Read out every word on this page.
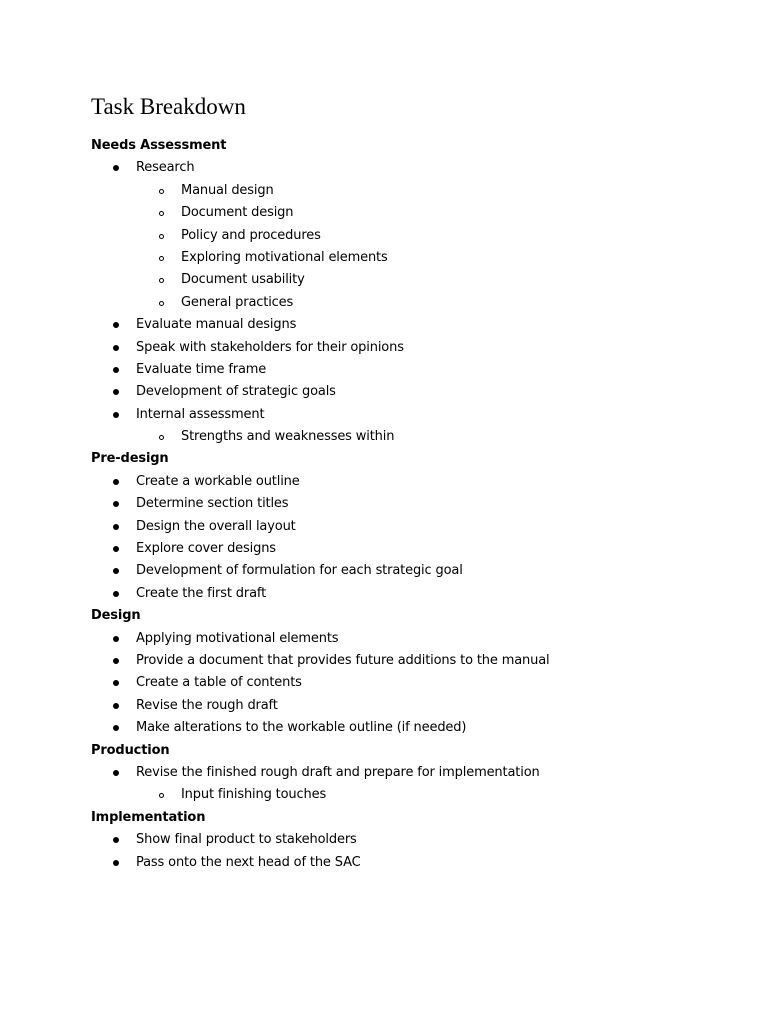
Task Breakdown
Needs Assessment
Research
Manual design
Document design
Policy and procedures
Exploring motivational elements
Document usability
General practices
Evaluate manual designs
Speak with stakeholders for their opinions
Evaluate time frame
Development of strategic goals
Internal assessment
Strengths and weaknesses within
Pre-design
Create a workable outline
Determine section titles
Design the overall layout
Explore cover designs
Development of formulation for each strategic goal
Create the first draft
Design
Applying motivational elements
Provide a document that provides future additions to the manual
Create a table of contents
Revise the rough draft
Make alterations to the workable outline (if needed)
Production
Revise the finished rough draft and prepare for implementation
Input finishing touches
Implementation
Show final product to stakeholders
Pass onto the next head of the SAC
